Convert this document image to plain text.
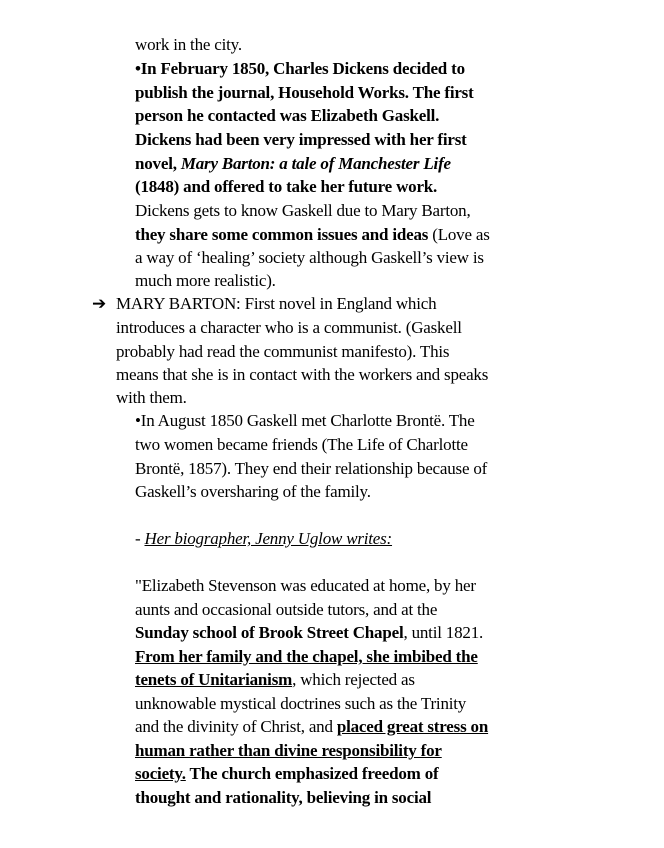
work in the city.
•In February 1850, Charles Dickens decided to
publish the journal, Household Works. The first
person he contacted was Elizabeth Gaskell.
Dickens had been very impressed with her first
novel, Mary Barton: a tale of Manchester Life
(1848) and offered to take her future work.
Dickens gets to know Gaskell due to Mary Barton,
they share some common issues and ideas (Love as
a way of ‘healing’ society although Gaskell’s view is
much more realistic).
➔ MARY BARTON: First novel in England which
introduces a character who is a communist. (Gaskell
probably had read the communist manifesto). This
means that she is in contact with the workers and speaks
with them.
•In August 1850 Gaskell met Charlotte Brontë. The
two women became friends (The Life of Charlotte
Brontë, 1857). They end their relationship because of
Gaskell’s oversharing of the family.
- Her biographer, Jenny Uglow writes:
"Elizabeth Stevenson was educated at home, by her
aunts and occasional outside tutors, and at the
Sunday school of Brook Street Chapel, until 1821.
From her family and the chapel, she imbibed the
tenets of Unitarianism, which rejected as
unknowable mystical doctrines such as the Trinity
and the divinity of Christ, and placed great stress on
human rather than divine responsibility for
society. The church emphasized freedom of
thought and rationality, believing in social
